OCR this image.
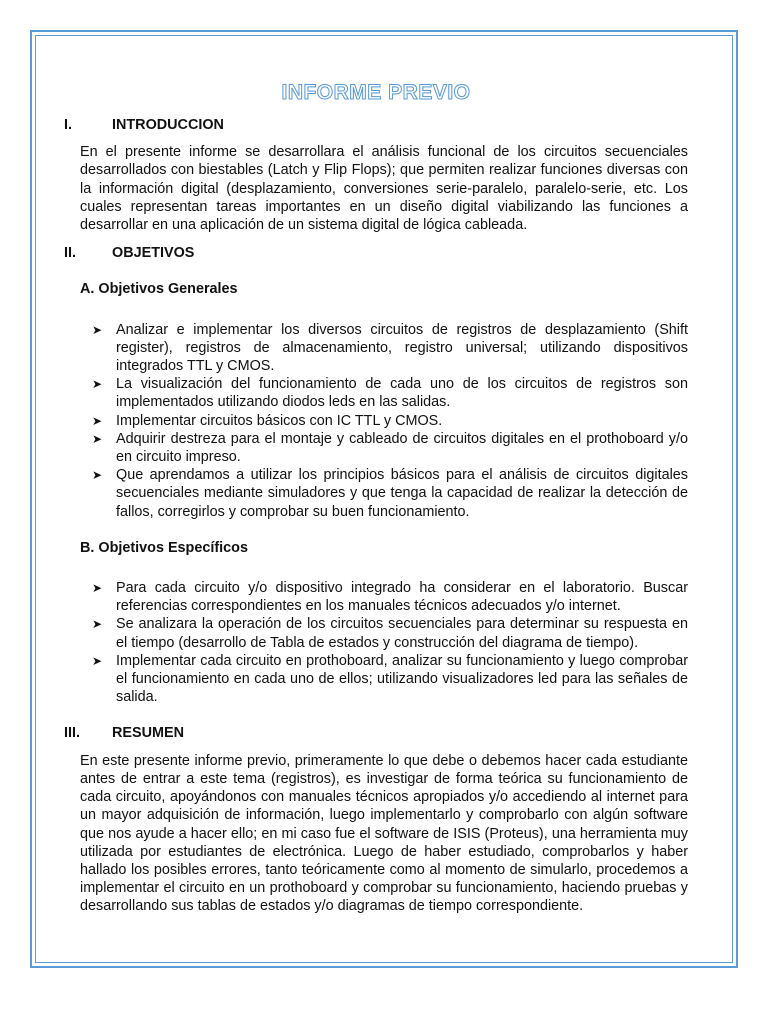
INFORME PREVIO
I.	INTRODUCCION

En el presente informe se desarrollara el análisis funcional de los circuitos secuenciales desarrollados con biestables (Latch y Flip Flops); que permiten realizar funciones diversas con la información digital (desplazamiento, conversiones serie-paralelo, paralelo-serie, etc. Los cuales representan tareas importantes en un diseño digital viabilizando las funciones a desarrollar en una aplicación de un sistema digital de lógica cableada.

II.	OBJETIVOS
A. Objetivos Generales
➤ Analizar e implementar los diversos circuitos de registros de desplazamiento (Shift register), registros de almacenamiento, registro universal; utilizando dispositivos integrados TTL y CMOS.
➤ La visualización del funcionamiento de cada uno de los circuitos de registros son implementados utilizando diodos leds en las salidas.
➤ Implementar circuitos básicos con IC TTL y CMOS.
➤ Adquirir destreza para el montaje y cableado de circuitos digitales en el prothoboard y/o en circuito impreso.
➤ Que aprendamos a utilizar los principios básicos para el análisis de circuitos digitales secuenciales mediante simuladores y que tenga la capacidad de realizar la detección de fallos, corregirlos y comprobar su buen funcionamiento.
B. Objetivos Específicos
➤ Para cada circuito y/o dispositivo integrado ha considerar en el laboratorio. Buscar referencias correspondientes en los manuales técnicos adecuados y/o internet.
➤ Se analizara la operación de los circuitos secuenciales para determinar su respuesta en el tiempo (desarrollo de Tabla de estados y construcción del diagrama de tiempo).
➤ Implementar cada circuito en prothoboard, analizar su funcionamiento y luego comprobar el funcionamiento en cada uno de ellos; utilizando visualizadores led para las señales de salida.
III.	RESUMEN

En este presente informe previo, primeramente lo que debe o debemos hacer cada estudiante antes de entrar a este tema (registros), es investigar de forma teórica su funcionamiento de cada circuito, apoyándonos con manuales técnicos apropiados y/o accediendo al internet para un mayor adquisición de información, luego implementarlo y comprobarlo con algún software que nos ayude a hacer ello; en mi caso fue el software de ISIS (Proteus), una herramienta muy utilizada por estudiantes de electrónica. Luego de haber estudiado, comprobarlos y haber hallado los posibles errores, tanto teóricamente como al momento de simularlo, procedemos a implementar el circuito en un prothoboard y comprobar su funcionamiento, haciendo pruebas y desarrollando sus tablas de estados y/o diagramas de tiempo correspondiente.
